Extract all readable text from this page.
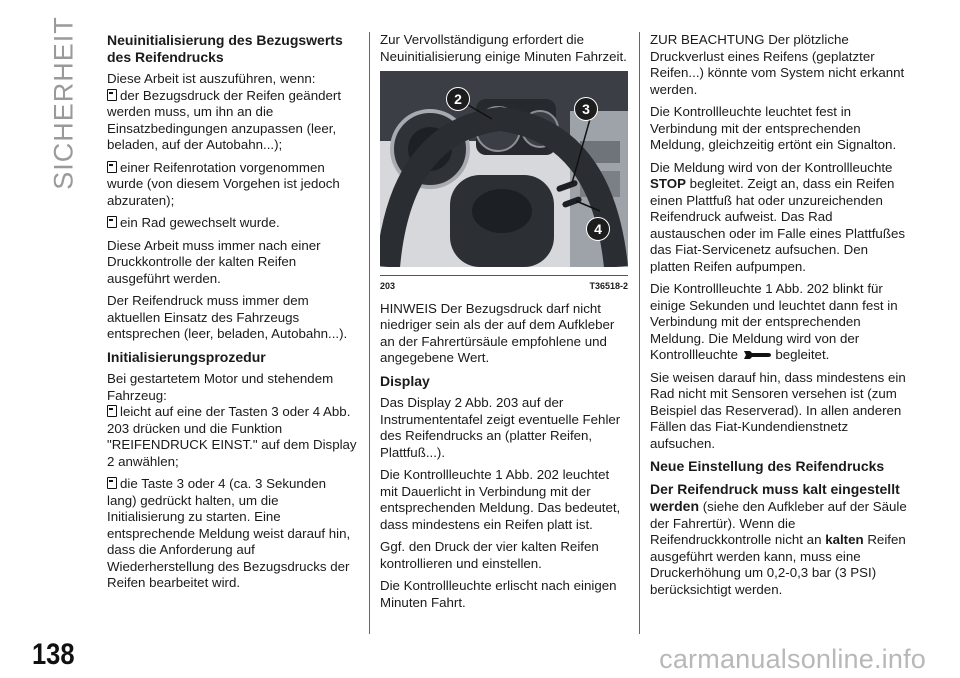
SICHERHEIT Neuinitialisierung des Bezugswerts des Reifendrucks

Diese Arbeit ist auszuführen, wenn:

der Bezugsdruck der Reifen geändert werden muss, um ihn an die Einsatzbedingungen anzupassen (leer, beladen, auf der Autobahn...);

einer Reifenrotation vorgenommen wurde (von diesem Vorgehen ist jedoch abzuraten);

ein Rad gewechselt wurde.

Diese Arbeit muss immer nach einer Druckkontrolle der kalten Reifen ausgeführt werden.

Der Reifendruck muss immer dem aktuellen Einsatz des Fahrzeugs entsprechen (leer, beladen, Autobahn...).

Initialisierungsprozedur

Bei gestartetem Motor und stehendem Fahrzeug:

leicht auf eine der Tasten 3 oder 4 Abb. 203 drücken und die Funktion "REIFENDRUCK EINST." auf dem Display 2 anwählen;

die Taste 3 oder 4 (ca. 3 Sekunden lang) gedrückt halten, um die Initialisierung zu starten. Eine entsprechende Meldung weist darauf hin, dass die Anforderung auf Wiederherstellung des Bezugsdrucks der Reifen bearbeitet wird.

Zur Vervollständigung erfordert die Neuinitialisierung einige Minuten Fahrzeit.

888
2
3
4
203	T36518-2

HINWEIS Der Bezugsdruck darf nicht niedriger sein als der auf dem Aufkleber an der Fahrertürsäule empfohlene und angegebene Wert.

Display

Das Display 2 Abb. 203 auf der Instrumententafel zeigt eventuelle Fehler des Reifendrucks an (platter Reifen, Plattfuß...).

Die Kontrollleuchte 1 Abb. 202 leuchtet mit Dauerlicht in Verbindung mit der entsprechenden Meldung. Das bedeutet, dass mindestens ein Reifen platt ist.

Ggf. den Druck der vier kalten Reifen kontrollieren und einstellen.

Die Kontrollleuchte erlischt nach einigen Minuten Fahrt.

ZUR BEACHTUNG Der plötzliche Druckverlust eines Reifens (geplatzter Reifen...) könnte vom System nicht erkannt werden.

Die Kontrollleuchte leuchtet fest in Verbindung mit der entsprechenden Meldung, gleichzeitig ertönt ein Signalton.

Die Meldung wird von der Kontrollleuchte STOP begleitet. Zeigt an, dass ein Reifen einen Plattfuß hat oder unzureichenden Reifendruck aufweist. Das Rad austauschen oder im Falle eines Plattfußes das Fiat-Servicenetz aufsuchen. Den platten Reifen aufpumpen.

Die Kontrollleuchte 1 Abb. 202 blinkt für einige Sekunden und leuchtet dann fest in Verbindung mit der entsprechenden Meldung. Die Meldung wird von der Kontrollleuchte	begleitet.

Sie weisen darauf hin, dass mindestens ein Rad nicht mit Sensoren versehen ist (zum Beispiel das Reserverad). In allen anderen Fällen das Fiat-Kundendienstnetz aufsuchen.

Neue Einstellung des Reifendrucks

Der Reifendruck muss kalt eingestellt werden (siehe den Aufkleber auf der Säule der Fahrertür). Wenn die Reifendruckkontrolle nicht an kalten Reifen ausgeführt werden kann, muss eine Druckerhöhung um 0,2-0,3 bar (3 PSI) berücksichtigt werden.

138	carmanualsonline.info
